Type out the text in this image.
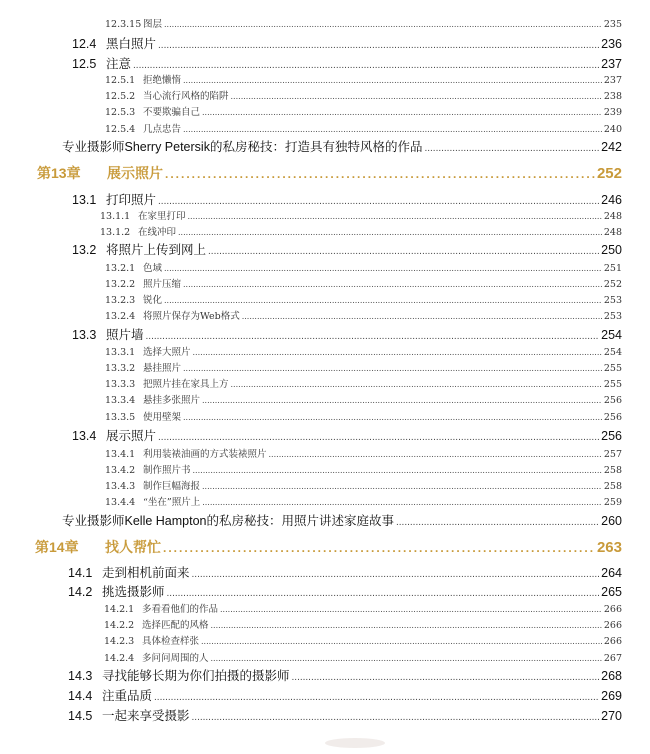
12.3.15 图层 .....	235
12.4 黑白照片 .....	236
12.5 注意 .....	237
12.5.1 拒绝懒惰 .....	237
12.5.2 当心流行风格的陷阱 .....	238
12.5.3 不要欺骗自己 .....	239
12.5.4 几点忠告 .....	240
专业摄影师Sherry Petersik的私房秘技：打造具有独特风格的作品 .....	242
第13章 展示照片 .....	252
13.1 打印照片 .....	246
13.1.1 在家里打印 .....	248
13.1.2 在线冲印 .....	248
13.2 将照片上传到网上 .....	250
13.2.1 色域 .....	251
13.2.2 照片压缩 .....	252
13.2.3 锐化 .....	253
13.2.4 将照片保存为Web格式 .....	253
13.3 照片墙 .....	254
13.3.1 选择大照片 .....	254
13.3.2 悬挂照片 .....	255
13.3.3 把照片挂在家具上方 .....	255
13.3.4 悬挂多张照片 .....	256
13.3.5 使用壁架 .....	256
13.4 展示照片 .....	256
13.4.1 利用装裱油画的方式装裱照片 .....	257
13.4.2 制作照片书 .....	258
13.4.3 制作巨幅海报 .....	258
13.4.4 “坐在”照片上 .....	259
专业摄影师Kelle Hampton的私房秘技：用照片讲述家庭故事 .....	260
第14章 找人帮忙 .....	263
14.1 走到相机前面来 .....	264
14.2 挑选摄影师 .....	265
14.2.1 多看看他们的作品 .....	266
14.2.2 选择匹配的风格 .....	266
14.2.3 具体检查样张 .....	266
14.2.4 多问问周围的人 .....	267
14.3 寻找能够长期为你们拍摄的摄影师 .....	268
14.4 注重品质 .....	269
14.5 一起来享受摄影 .....	270
